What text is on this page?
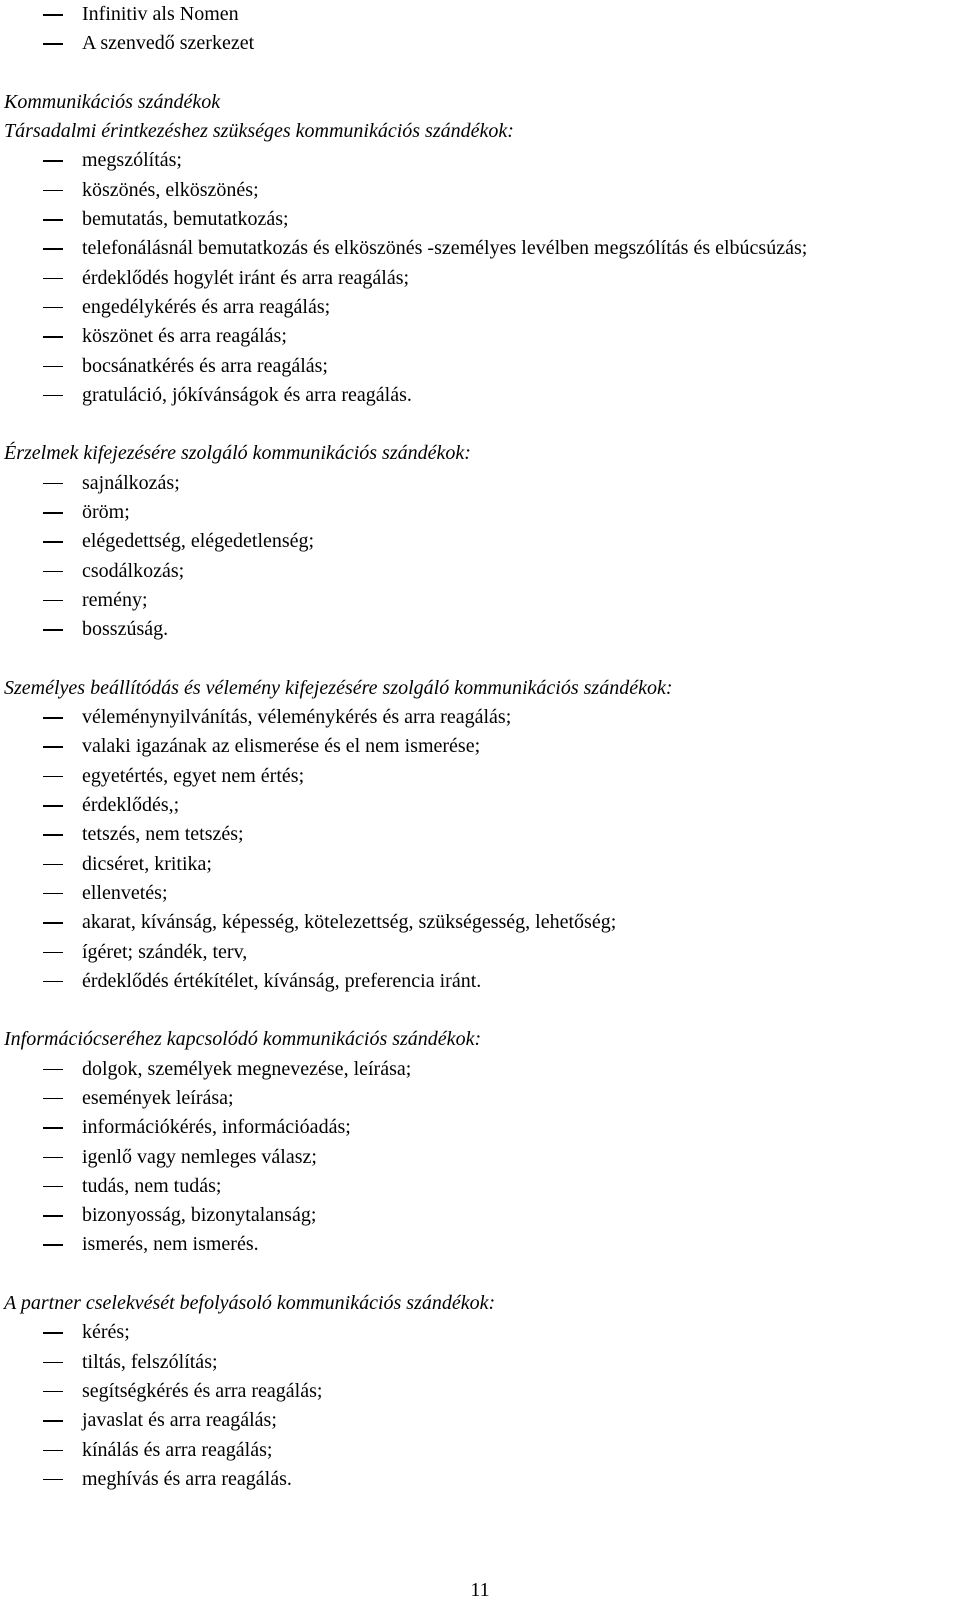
Infinitiv als Nomen
A szenvedő szerkezet
Kommunikációs szándékok
Társadalmi érintkezéshez szükséges kommunikációs szándékok:
megszólítás;
köszönés, elköszönés;
bemutatás, bemutatkozás;
telefonálásnál bemutatkozás és elköszönés -személyes levélben megszólítás és elbúcsúzás;
érdeklődés hogylét iránt és arra reagálás;
engedélykérés és arra reagálás;
köszönet és arra reagálás;
bocsánatkérés és arra reagálás;
gratuláció, jókívánságok és arra reagálás.
Érzelmek kifejezésére szolgáló kommunikációs szándékok:
sajnálkozás;
öröm;
elégedettség, elégedetlenség;
csodálkozás;
remény;
bosszúság.
Személyes beállítódás és vélemény kifejezésére szolgáló kommunikációs szándékok:
véleménynyilvánítás, véleménykérés és arra reagálás;
valaki igazának az elismerése és el nem ismerése;
egyetértés, egyet nem értés;
érdeklődés,;
tetszés, nem tetszés;
dicséret, kritika;
ellenvetés;
akarat, kívánság, képesség, kötelezettség, szükségesség, lehetőség;
ígéret; szándék, terv,
érdeklődés értékítélet, kívánság, preferencia iránt.
Információcseréhez kapcsolódó kommunikációs szándékok:
dolgok, személyek megnevezése, leírása;
események leírása;
információkérés, információadás;
igenlő vagy nemleges válasz;
tudás, nem tudás;
bizonyosság, bizonytalanság;
ismerés, nem ismerés.
A partner cselekvését befolyásoló kommunikációs szándékok:
kérés;
tiltás, felszólítás;
segítségkérés és arra reagálás;
javaslat és arra reagálás;
kínálás és arra reagálás;
meghívás és arra reagálás.
11
